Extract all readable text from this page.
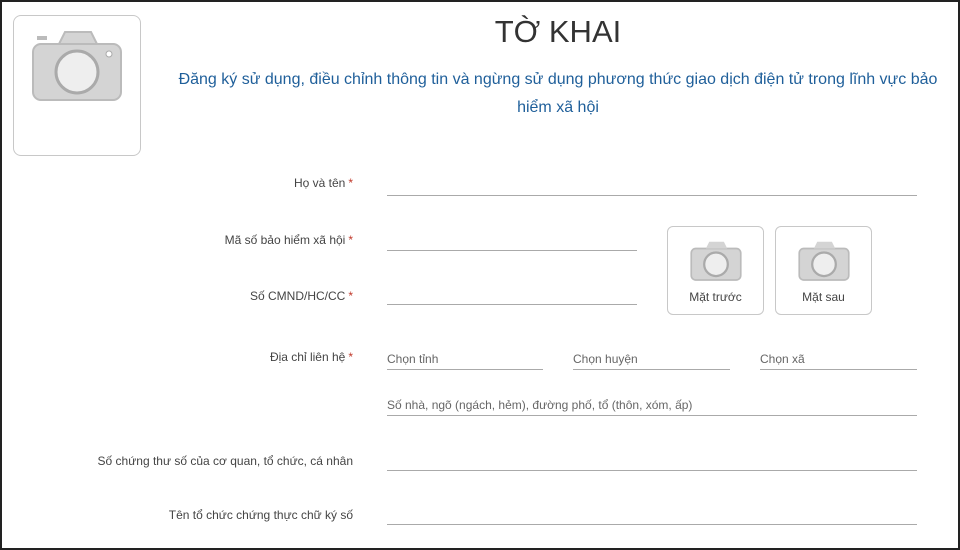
TỜ KHAI
Đăng ký sử dụng, điều chỉnh thông tin và ngừng sử dụng phương thức giao dịch điện tử trong lĩnh vực bảo hiểm xã hội
Họ và tên *
Mã số bảo hiểm xã hội *
Số CMND/HC/CC *	Mặt trước	Mặt sau
Địa chỉ liên hệ *	Chọn tỉnh	Chọn huyện	Chọn xã
Số nhà, ngõ (ngách, hẻm), đường phố, tổ (thôn, xóm, ấp)
Số chứng thư số của cơ quan, tổ chức, cá nhân
Tên tổ chức chứng thực chữ ký số
